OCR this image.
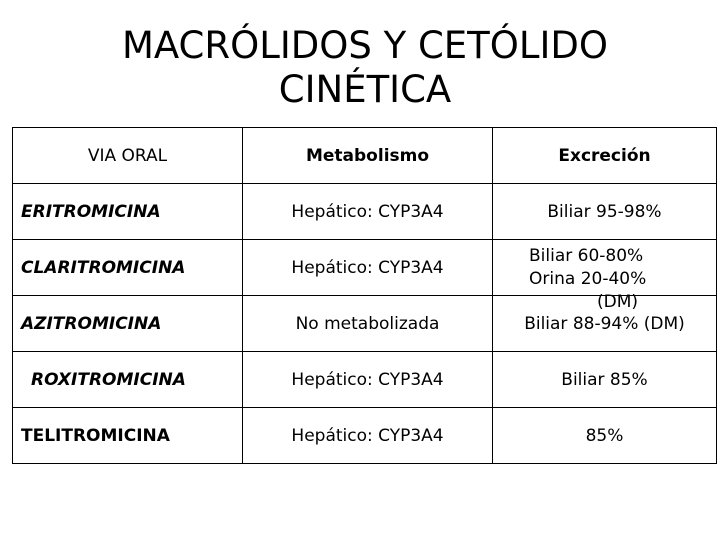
MACRÓLIDOS Y CETÓLIDO
CINÉTICA
VIA ORAL	Metabolismo	Excreción
ERITROMICINA	Hepático: CYP3A4	Biliar 95-98%
CLARITROMICINA	Hepático: CYP3A4	Biliar 60-80%
Orina 20-40%
(DM)

AZITROMICINA	No metabolizada	Biliar 88-94% (DM)
ROXITROMICINA	Hepático: CYP3A4	Biliar 85%
TELITROMICINA	Hepático: CYP3A4	85%
